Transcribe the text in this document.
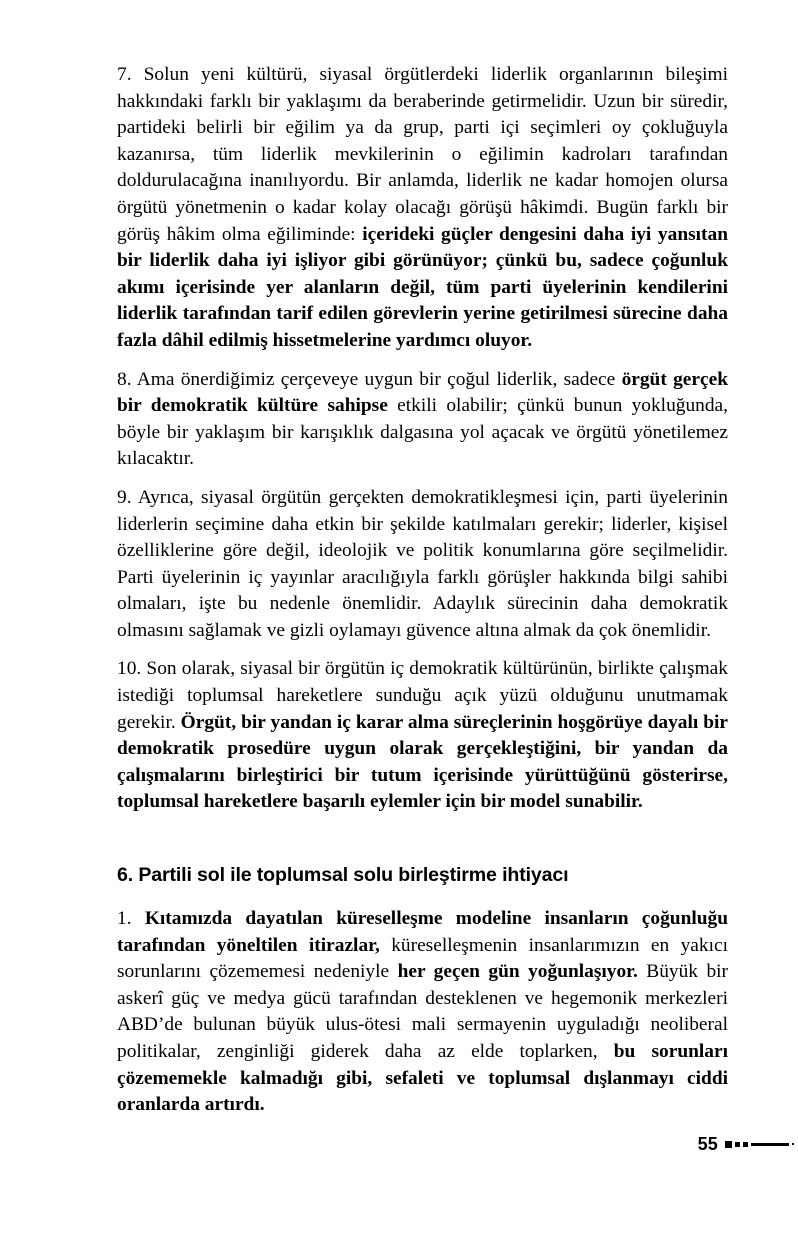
7. Solun yeni kültürü, siyasal örgütlerdeki liderlik organlarının bileşimi hakkındaki farklı bir yaklaşımı da beraberinde getirmelidir. Uzun bir süredir, partideki belirli bir eğilim ya da grup, parti içi seçimleri oy çokluğuyla kazanırsa, tüm liderlik mevkilerinin o eğilimin kadroları tarafından doldurulacağına inanılıyordu. Bir anlamda, liderlik ne kadar homojen olursa örgütü yönetmenin o kadar kolay olacağı görüşü hâkimdi. Bugün farklı bir görüş hâkim olma eğiliminde: içerideki güçler dengesini daha iyi yansıtan bir liderlik daha iyi işliyor gibi görünüyor; çünkü bu, sadece çoğunluk akımı içerisinde yer alanların değil, tüm parti üyelerinin kendilerini liderlik tarafından tarif edilen görevlerin yerine getirilmesi sürecine daha fazla dâhil edilmiş hissetmelerine yardımcı oluyor.

8. Ama önerdiğimiz çerçeveye uygun bir çoğul liderlik, sadece örgüt gerçek bir demokratik kültüre sahipse etkili olabilir; çünkü bunun yokluğunda, böyle bir yaklaşım bir karışıklık dalgasına yol açacak ve örgütü yönetilemez kılacaktır.

9. Ayrıca, siyasal örgütün gerçekten demokratikleşmesi için, parti üyelerinin liderlerin seçimine daha etkin bir şekilde katılmaları gerekir; liderler, kişisel özelliklerine göre değil, ideolojik ve politik konumlarına göre seçilmelidir. Parti üyelerinin iç yayınlar aracılığıyla farklı görüşler hakkında bilgi sahibi olmaları, işte bu nedenle önemlidir. Adaylık sürecinin daha demokratik olmasını sağlamak ve gizli oylamayı güvence altına almak da çok önemlidir.

10. Son olarak, siyasal bir örgütün iç demokratik kültürünün, birlikte çalışmak istediği toplumsal hareketlere sunduğu açık yüzü olduğunu unutmamak gerekir. Örgüt, bir yandan iç karar alma süreçlerinin hoşgörüye dayalı bir demokratik prosedüre uygun olarak gerçekleştiğini, bir yandan da çalışmalarını birleştirici bir tutum içerisinde yürüttüğünü gösterirse, toplumsal hareketlere başarılı eylemler için bir model sunabilir.

6. Partili sol ile toplumsal solu birleştirme ihtiyacı

1. Kıtamızda dayatılan küreselleşme modeline insanların çoğunluğu tarafından yöneltilen itirazlar, küreselleşmenin insanlarımızın en yakıcı sorunlarını çözememesi nedeniyle her geçen gün yoğunlaşıyor. Büyük bir askerî güç ve medya gücü tarafından desteklenen ve hegemonik merkezleri ABD’de bulunan büyük ulus-ötesi mali sermayenin uyguladığı neoliberal politikalar, zenginliği giderek daha az elde toplarken, bu sorunları çözememekle kalmadığı gibi, sefaleti ve toplumsal dışlanmayı ciddi oranlarda artırdı.

55
